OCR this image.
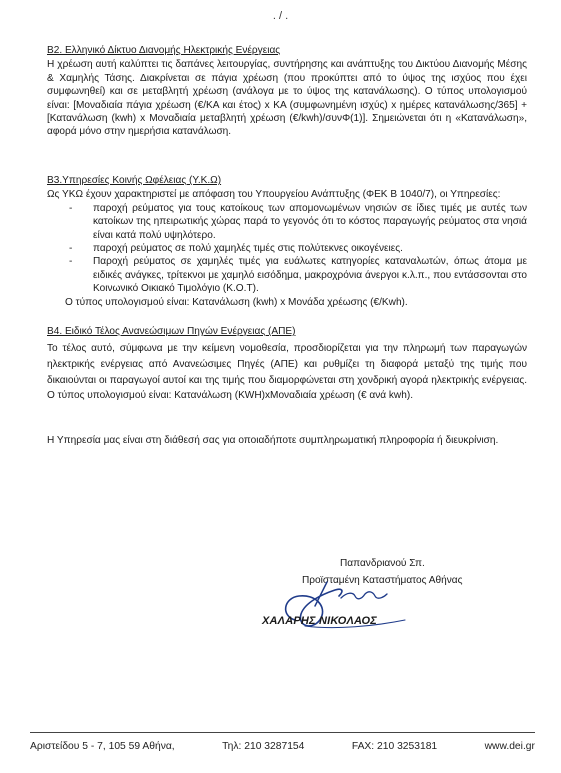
. / .

Β2. Ελληνικό Δίκτυο Διανομής Ηλεκτρικής Ενέργειας

Η χρέωση αυτή καλύπτει τις δαπάνες λειτουργίας, συντήρησης και ανάπτυξης του Δικτύου Διανομής Μέσης & Χαμηλής Τάσης. Διακρίνεται σε πάγια χρέωση (που προκύπτει από το ύψος της ισχύος που έχει συμφωνηθεί) και σε μεταβλητή χρέωση (ανάλογα με το ύψος της κατανάλωσης). Ο τύπος υπολογισμού είναι: [Μοναδιαία πάγια χρέωση (€/ΚΑ και έτος) x KA (συμφωνημένη ισχύς) x ημέρες κατανάλωσης/365] + [Κατανάλωση (kwh) x Μοναδιαία μεταβλητή χρέωση (€/kwh)/συνΦ(1)]. Σημειώνεται ότι η «Κατανάλωση», αφορά μόνο στην ημερήσια κατανάλωση.

Β3.Υπηρεσίες Κοινής Ωφέλειας (Υ.Κ.Ω)

Ως ΥΚΩ έχουν χαρακτηριστεί με απόφαση του Υπουργείου Ανάπτυξης (ΦΕΚ Β 1040/7), οι Υπηρεσίες:

- παροχή ρεύματος για τους κατοίκους των απομονωμένων νησιών σε ίδιες τιμές με αυτές των κατοίκων της ηπειρωτικής χώρας παρά το γεγονός ότι το κόστος παραγωγής ρεύματος στα νησιά είναι κατά πολύ υψηλότερο.
- παροχή ρεύματος σε πολύ χαμηλές τιμές στις πολύτεκνες οικογένειες.
- Παροχή ρεύματος σε χαμηλές τιμές για ευάλωτες κατηγορίες καταναλωτών, όπως άτομα με ειδικές ανάγκες, τρίτεκνοι με χαμηλό εισόδημα, μακροχρόνια άνεργοι κ.λ.π., που εντάσσονται στο Κοινωνικό Οικιακό Τιμολόγιο (Κ.Ο.Τ).

Ο τύπος υπολογισμού είναι: Κατανάλωση (kwh) x Μονάδα χρέωσης (€/Kwh).

Β4. Ειδικό Τέλος Ανανεώσιμων Πηγών Ενέργειας (ΑΠΕ)

Το τέλος αυτό, σύμφωνα με την κείμενη νομοθεσία, προσδιορίζεται για την πληρωμή των παραγωγών ηλεκτρικής ενέργειας από Ανανεώσιμες Πηγές (ΑΠΕ) και ρυθμίζει τη διαφορά μεταξύ της τιμής που δικαιούνται οι παραγωγοί αυτοί και της τιμής που διαμορφώνεται στη χονδρική αγορά ηλεκτρικής ενέργειας. Ο τύπος υπολογισμού είναι: Κατανάλωση (KWH)xΜοναδιαία χρέωση (€ ανά kwh).

Η Υπηρεσία μας είναι στη διάθεσή σας για οποιαδήποτε συμπληρωματική πληροφορία ή διευκρίνιση.

Παπανδριανού Σπ.
Προϊσταμένη Καταστήματος Αθήνας
ΧΑΛΑΡΗΣ ΝΙΚΟΛΑΟΣ
Αριστείδου 5 - 7, 105 59 Αθήνα,	Τηλ: 210 3287154	FAX: 210 3253181	www.dei.gr
